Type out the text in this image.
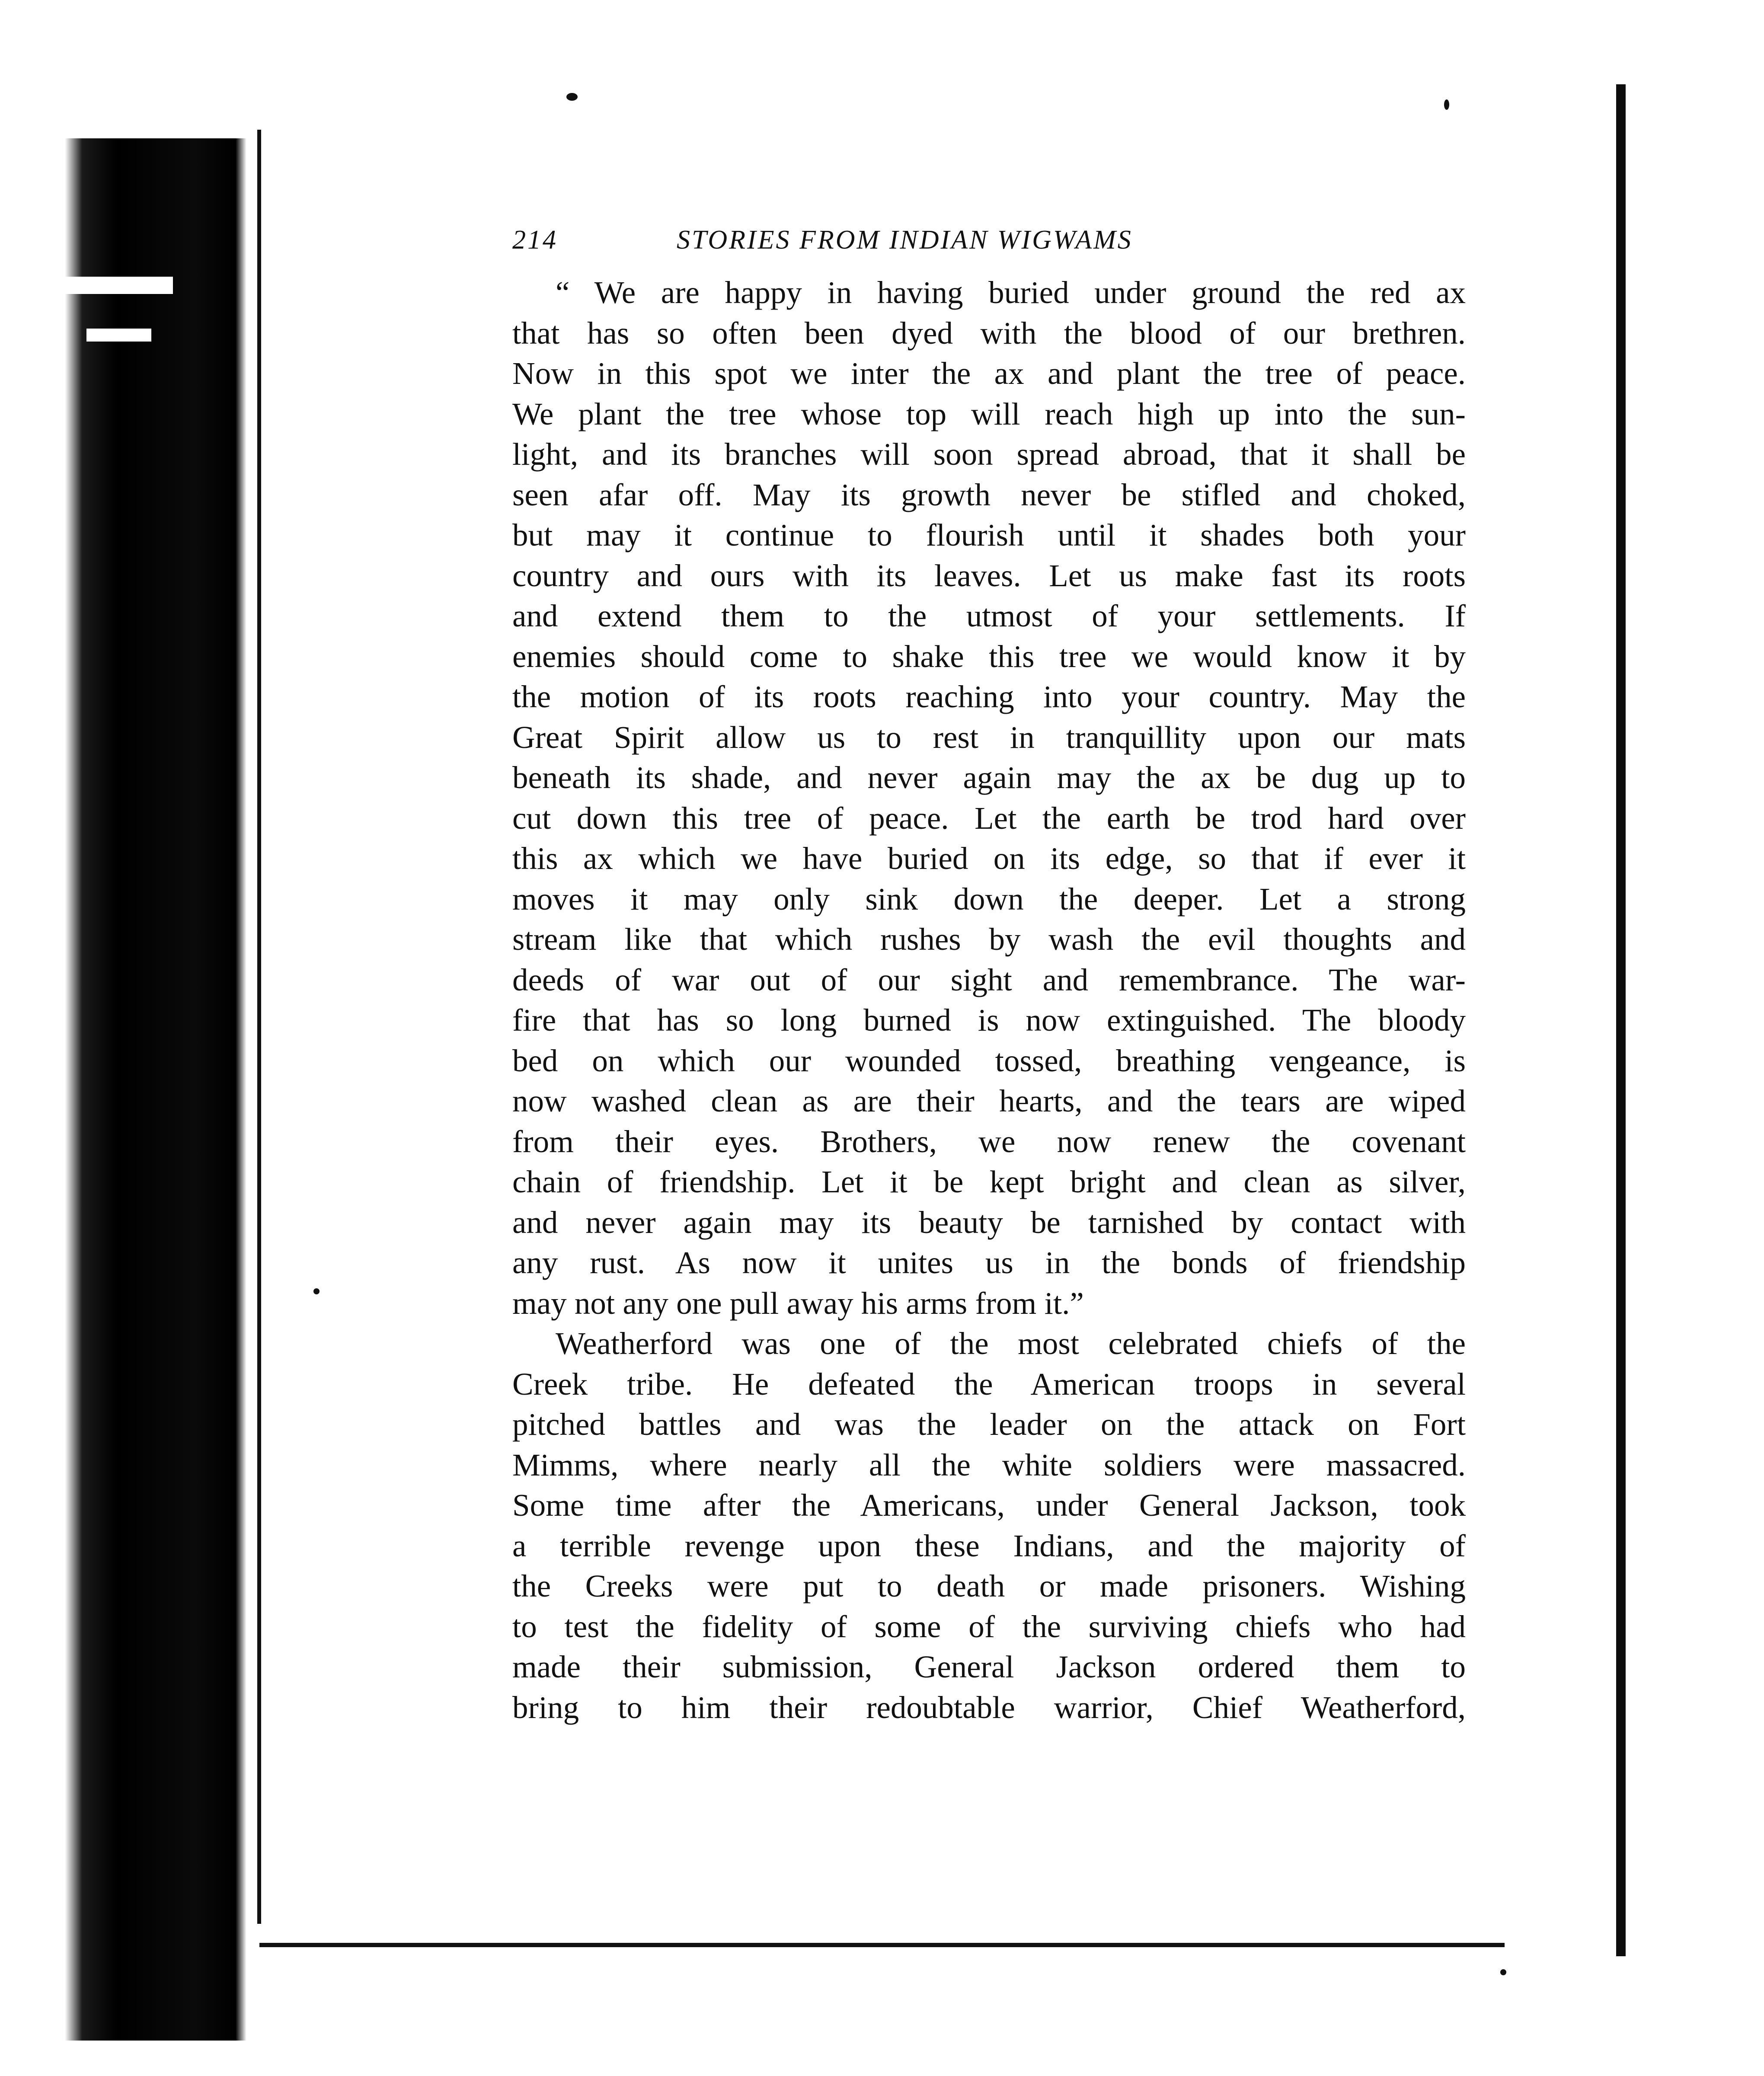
214	STORIES FROM INDIAN WIGWAMS
“ We are happy in having buried under ground the red ax
that has so often been dyed with the blood of our brethren.
Now in this spot we inter the ax and plant the tree of peace.
We plant the tree whose top will reach high up into the sun-
light, and its branches will soon spread abroad, that it shall be
seen afar off. May its growth never be stifled and choked,
but may it continue to flourish until it shades both your
country and ours with its leaves. Let us make fast its roots
and extend them to the utmost of your settlements. If
enemies should come to shake this tree we would know it by
the motion of its roots reaching into your country. May the
Great Spirit allow us to rest in tranquillity upon our mats
beneath its shade, and never again may the ax be dug up to
cut down this tree of peace. Let the earth be trod hard over
this ax which we have buried on its edge, so that if ever it
moves it may only sink down the deeper. Let a strong
stream like that which rushes by wash the evil thoughts and
deeds of war out of our sight and remembrance. The war-
fire that has so long burned is now extinguished. The bloody
bed on which our wounded tossed, breathing vengeance, is
now washed clean as are their hearts, and the tears are wiped
from their eyes. Brothers, we now renew the covenant
chain of friendship. Let it be kept bright and clean as silver,
and never again may its beauty be tarnished by contact with
any rust. As now it unites us in the bonds of friendship
may not any one pull away his arms from it.”
Weatherford was one of the most celebrated chiefs of the
Creek tribe. He defeated the American troops in several
pitched battles and was the leader on the attack on Fort
Mimms, where nearly all the white soldiers were massacred.
Some time after the Americans, under General Jackson, took
a terrible revenge upon these Indians, and the majority of
the Creeks were put to death or made prisoners. Wishing
to test the fidelity of some of the surviving chiefs who had
made their submission, General Jackson ordered them to
bring to him their redoubtable warrior, Chief Weatherford,
